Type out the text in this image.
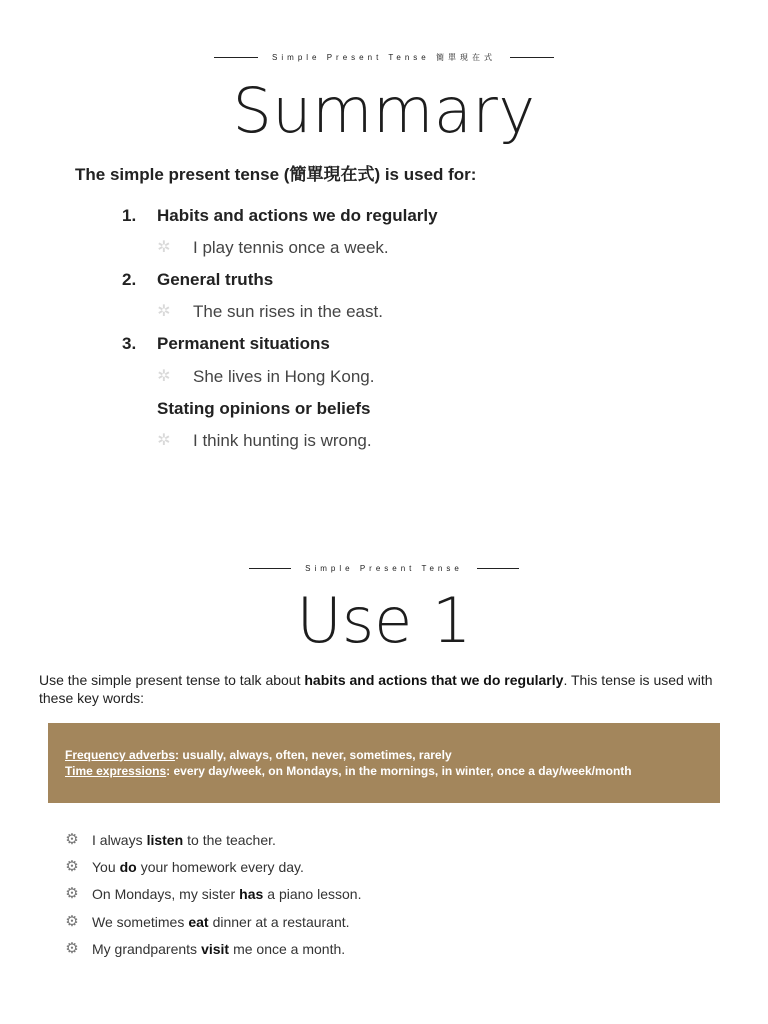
Simple Present Tense 簡單現在式
Summary
The simple present tense (簡單現在式) is used for:
1.	Habits and actions we do regularly
✲ I play tennis once a week.
2.	General truths
✲ The sun rises in the east.
3.	Permanent situations
✲ She lives in Hong Kong.
Stating opinions or beliefs
✲ I think hunting is wrong.
Simple Present Tense
Use 1
Use the simple present tense to talk about habits and actions that we do regularly. This tense is used with these key words:
Frequency adverbs: usually, always, often, never, sometimes, rarely
Time expressions: every day/week, on Mondays, in the mornings, in winter, once a day/week/month
⚙ I always listen to the teacher.
⚙ You do your homework every day.
⚙ On Mondays, my sister has a piano lesson.
⚙ We sometimes eat dinner at a restaurant.
⚙ My grandparents visit me once a month.
